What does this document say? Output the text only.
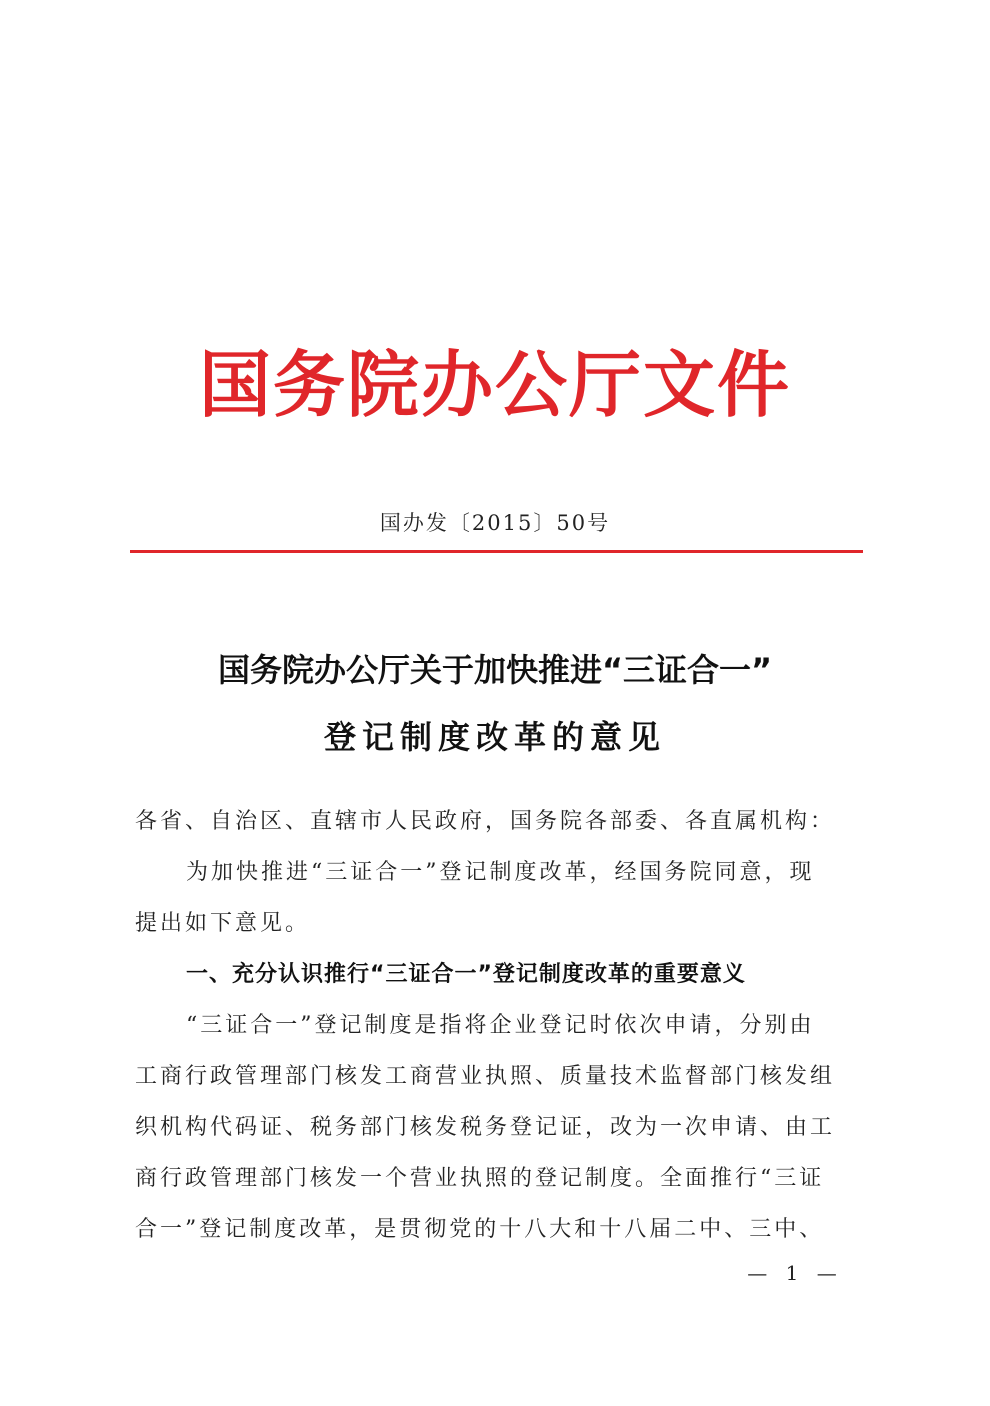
国务院办公厅文件
国办发〔2015〕50号
国务院办公厅关于加快推进“三证合一”
登记制度改革的意见
各省、自治区、直辖市人民政府，国务院各部委、各直属机构：
为加快推进“三证合一”登记制度改革，经国务院同意，现
提出如下意见。
一、充分认识推行“三证合一”登记制度改革的重要意义
“三证合一”登记制度是指将企业登记时依次申请，分别由
工商行政管理部门核发工商营业执照、质量技术监督部门核发组
织机构代码证、税务部门核发税务登记证，改为一次申请、由工
商行政管理部门核发一个营业执照的登记制度。全面推行“三证
合一”登记制度改革，是贯彻党的十八大和十八届二中、三中、
— 1 —
